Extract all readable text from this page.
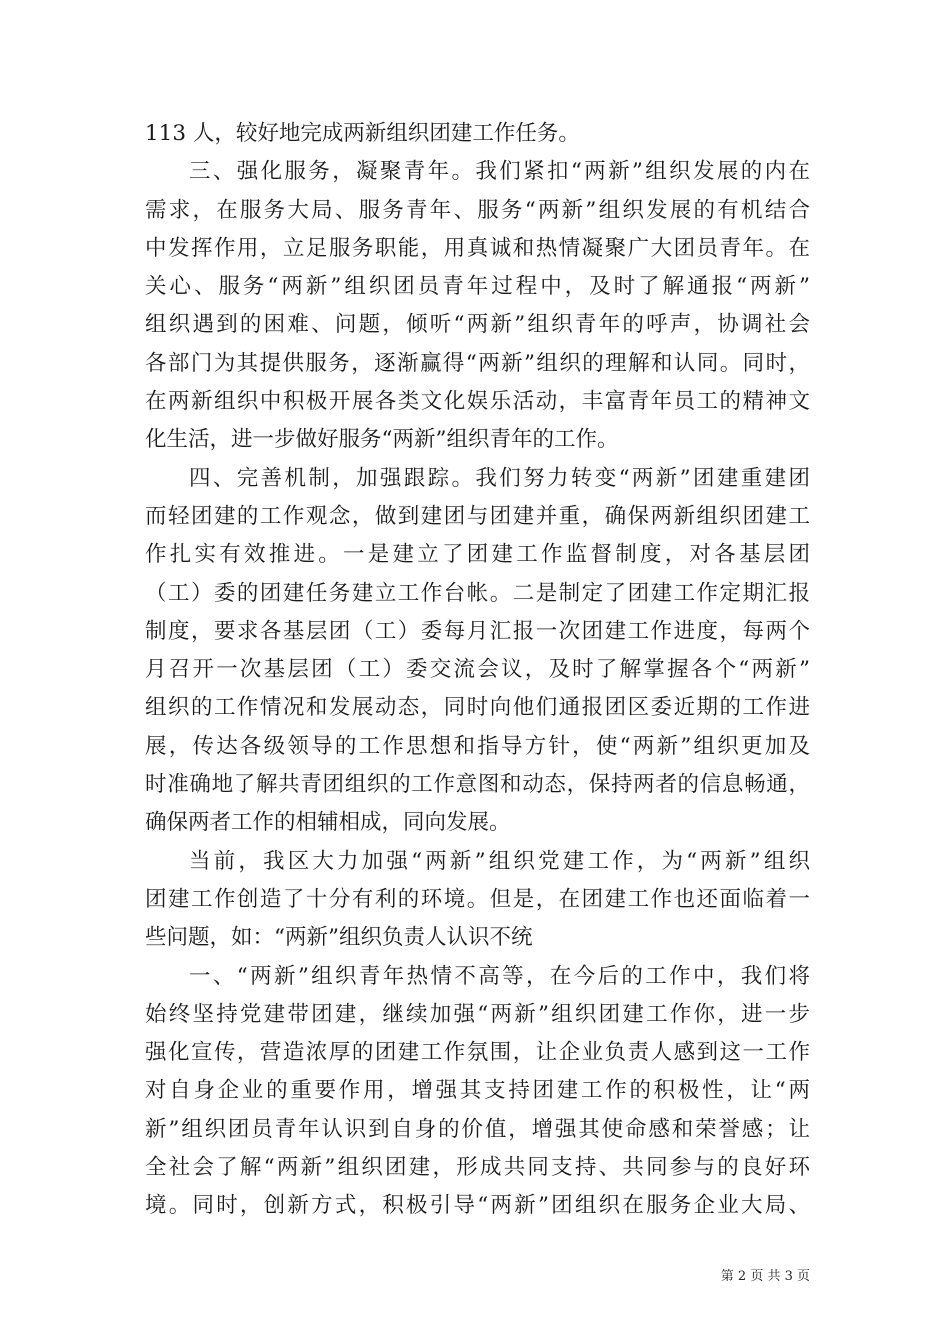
113 人，较好地完成两新组织团建工作任务。
三、强化服务，凝聚青年。我们紧扣“两新”组织发展的内在
需求，在服务大局、服务青年、服务“两新”组织发展的有机结合
中发挥作用，立足服务职能，用真诚和热情凝聚广大团员青年。在
关心、服务“两新”组织团员青年过程中，及时了解通报“两新”
组织遇到的困难、问题，倾听“两新”组织青年的呼声，协调社会
各部门为其提供服务，逐渐赢得“两新”组织的理解和认同。同时，
在两新组织中积极开展各类文化娱乐活动，丰富青年员工的精神文
化生活，进一步做好服务“两新”组织青年的工作。
四、完善机制，加强跟踪。我们努力转变“两新”团建重建团
而轻团建的工作观念，做到建团与团建并重，确保两新组织团建工
作扎实有效推进。一是建立了团建工作监督制度，对各基层团
（工）委的团建任务建立工作台帐。二是制定了团建工作定期汇报
制度，要求各基层团（工）委每月汇报一次团建工作进度，每两个
月召开一次基层团（工）委交流会议，及时了解掌握各个“两新”
组织的工作情况和发展动态，同时向他们通报团区委近期的工作进
展，传达各级领导的工作思想和指导方针，使“两新”组织更加及
时准确地了解共青团组织的工作意图和动态，保持两者的信息畅通，
确保两者工作的相辅相成，同向发展。
当前，我区大力加强“两新”组织党建工作，为“两新”组织
团建工作创造了十分有利的环境。但是，在团建工作也还面临着一
些问题，如：“两新”组织负责人认识不统
一、“两新”组织青年热情不高等，在今后的工作中，我们将
始终坚持党建带团建，继续加强“两新”组织团建工作你，进一步
强化宣传，营造浓厚的团建工作氛围，让企业负责人感到这一工作
对自身企业的重要作用，增强其支持团建工作的积极性，让“两
新”组织团员青年认识到自身的价值，增强其使命感和荣誉感；让
全社会了解“两新”组织团建，形成共同支持、共同参与的良好环
境。同时，创新方式，积极引导“两新”团组织在服务企业大局、
第 2 页 共 3 页
